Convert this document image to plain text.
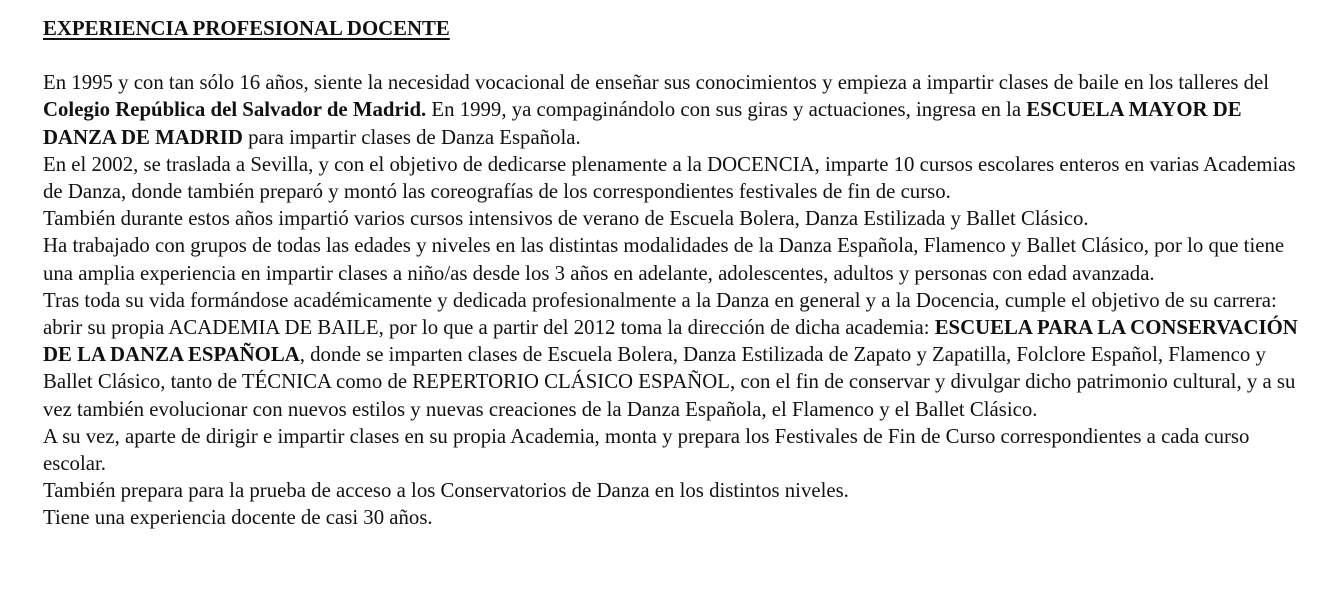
EXPERIENCIA PROFESIONAL DOCENTE

En 1995 y con tan sólo 16 años, siente la necesidad vocacional de enseñar sus conocimientos y empieza a impartir clases de baile en los talleres del Colegio República del Salvador de Madrid. En 1999, ya compaginándolo con sus giras y actuaciones, ingresa en la ESCUELA MAYOR DE DANZA DE MADRID para impartir clases de Danza Española.

En el 2002, se traslada a Sevilla, y con el objetivo de dedicarse plenamente a la DOCENCIA, imparte 10 cursos escolares enteros en varias Academias de Danza, donde también preparó y montó las coreografías de los correspondientes festivales de fin de curso.

También durante estos años impartió varios cursos intensivos de verano de Escuela Bolera, Danza Estilizada y Ballet Clásico.

Ha trabajado con grupos de todas las edades y niveles en las distintas modalidades de la Danza Española, Flamenco y Ballet Clásico, por lo que tiene una amplia experiencia en impartir clases a niño/as desde los 3 años en adelante, adolescentes, adultos y personas con edad avanzada.

Tras toda su vida formándose académicamente y dedicada profesionalmente a la Danza en general y a la Docencia, cumple el objetivo de su carrera: abrir su propia ACADEMIA DE BAILE, por lo que a partir del 2012 toma la dirección de dicha academia: ESCUELA PARA LA CONSERVACIÓN DE LA DANZA ESPAÑOLA, donde se imparten clases de Escuela Bolera, Danza Estilizada de Zapato y Zapatilla, Folclore Español, Flamenco y Ballet Clásico, tanto de TÉCNICA como de REPERTORIO CLÁSICO ESPAÑOL, con el fin de conservar y divulgar dicho patrimonio cultural, y a su vez también evolucionar con nuevos estilos y nuevas creaciones de la Danza Española, el Flamenco y el Ballet Clásico.

A su vez, aparte de dirigir e impartir clases en su propia Academia, monta y prepara los Festivales de Fin de Curso correspondientes a cada curso escolar.

También prepara para la prueba de acceso a los Conservatorios de Danza en los distintos niveles.

Tiene una experiencia docente de casi 30 años.
